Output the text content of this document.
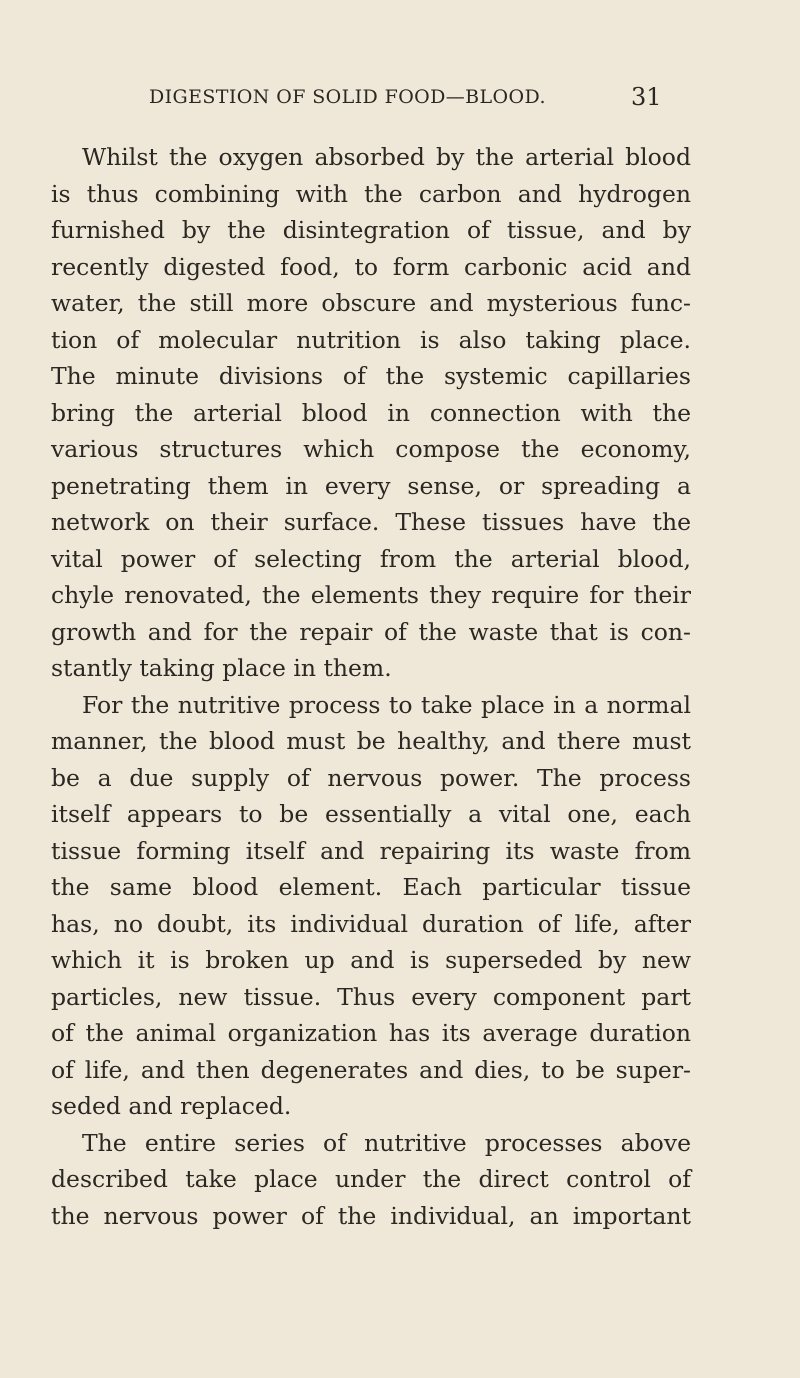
DIGESTION OF SOLID FOOD—BLOOD.	31
Whilst the oxygen absorbed by the arterial blood
is thus combining with the carbon and hydrogen
furnished by the disintegration of tissue, and by
recently digested food, to form carbonic acid and
water, the still more obscure and mysterious func-
tion of molecular nutrition is also taking place.
The minute divisions of the systemic capillaries
bring the arterial blood in connection with the
various structures which compose the economy,
penetrating them in every sense, or spreading a
network on their surface. These tissues have the
vital power of selecting from the arterial blood,
chyle renovated, the elements they require for their
growth and for the repair of the waste that is con-
stantly taking place in them.
For the nutritive process to take place in a normal
manner, the blood must be healthy, and there must
be a due supply of nervous power. The process
itself appears to be essentially a vital one, each
tissue forming itself and repairing its waste from
the same blood element. Each particular tissue
has, no doubt, its individual duration of life, after
which it is broken up and is superseded by new
particles, new tissue. Thus every component part
of the animal organization has its average duration
of life, and then degenerates and dies, to be super-
seded and replaced.
The entire series of nutritive processes above
described take place under the direct control of
the nervous power of the individual, an important
